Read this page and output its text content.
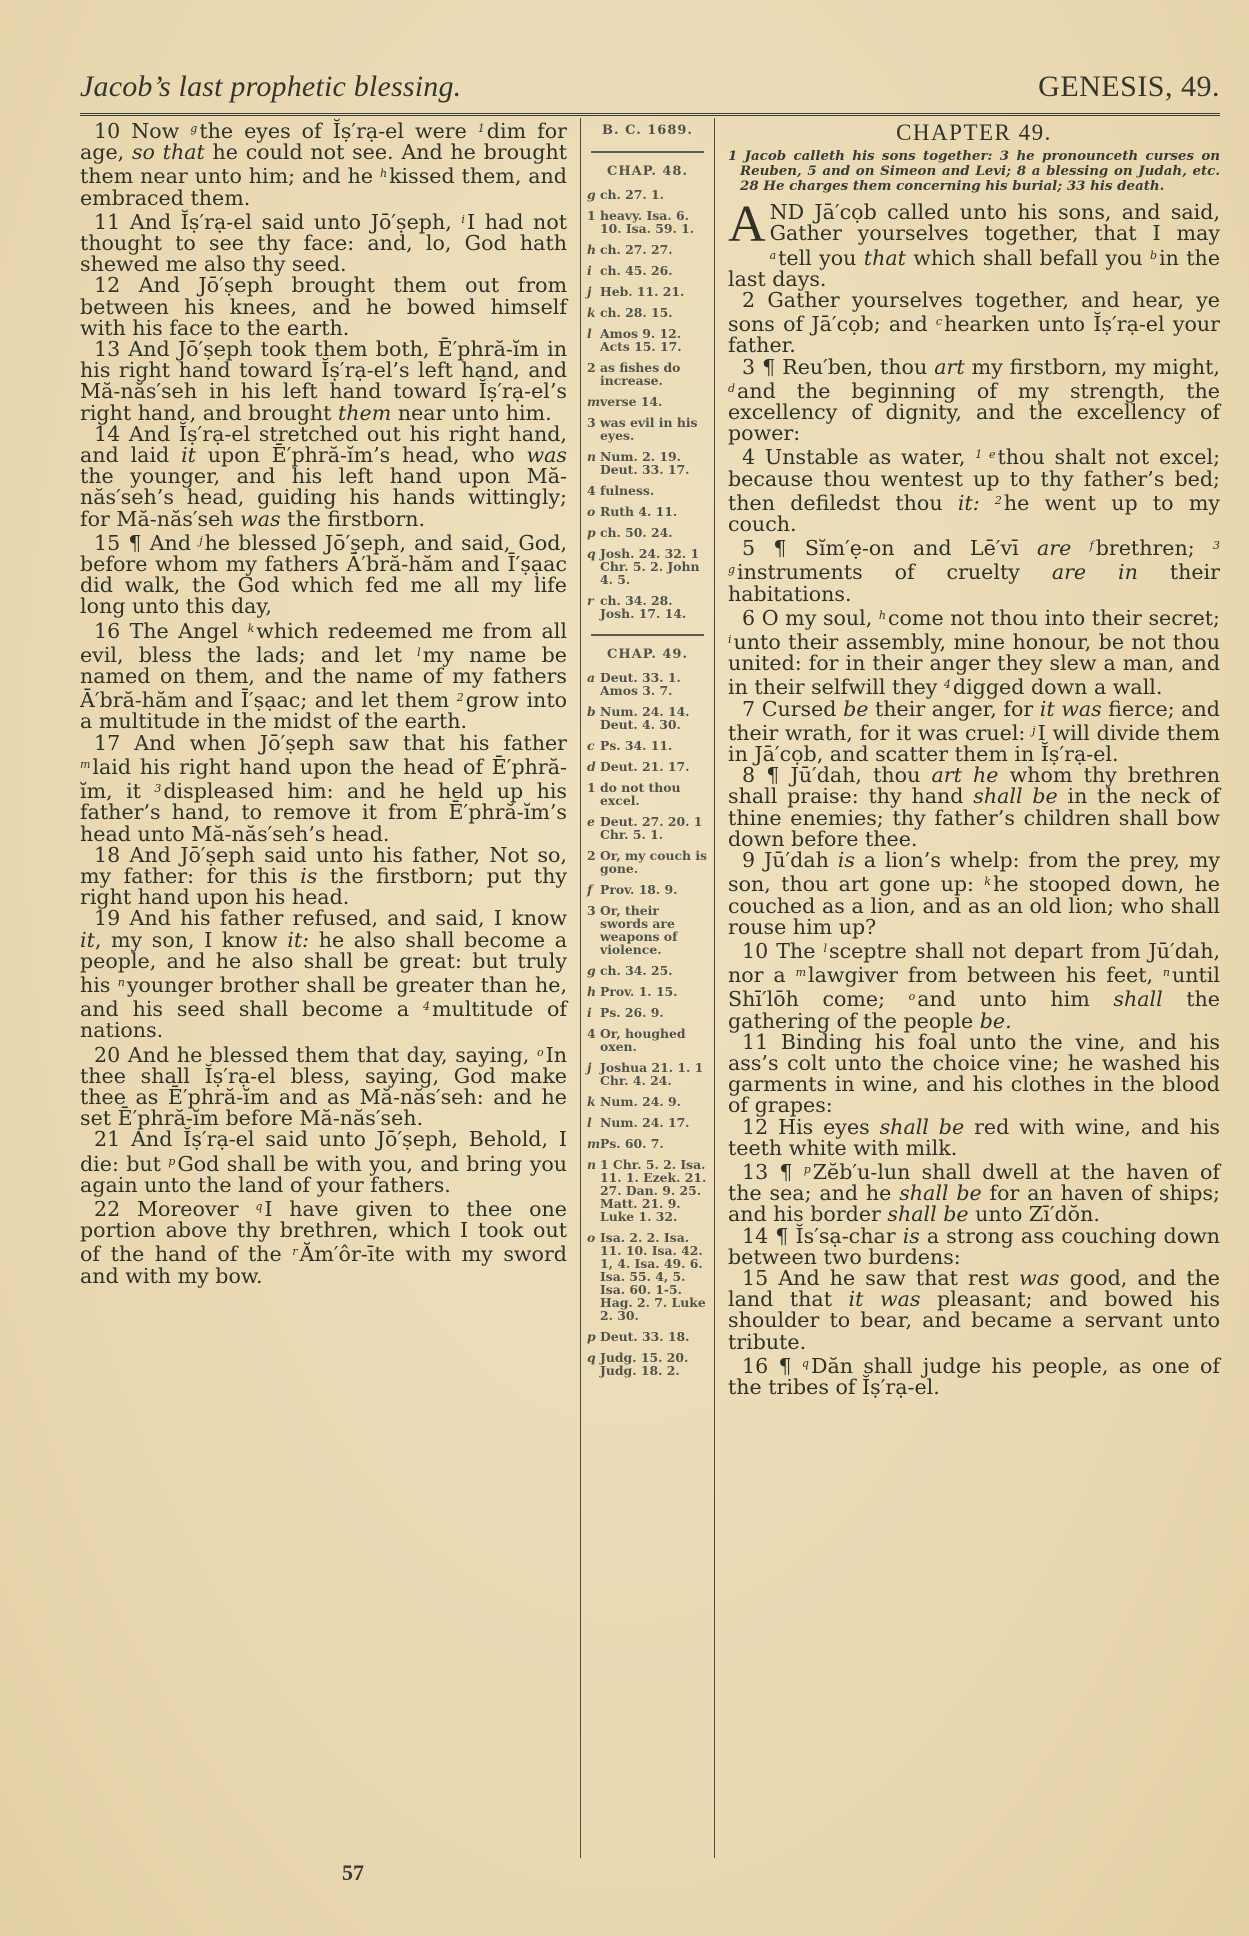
Jacob’s last prophetic blessing.	GENESIS, 49.

10 Now $^g$the eyes of Ĭṣ′rạ-el were $^1$dim for age, so that he could not see. And he brought them near unto him; and he $^h$kissed them, and embraced them.

11 And Ĭṣ′rạ-el said unto Jō′ṣeph, $^i$I had not thought to see thy face: and, lo, God hath shewed me also thy seed.

12 And Jō′ṣeph brought them out from between his knees, and he bowed himself with his face to the earth.

13 And Jō′ṣeph took them both, Ē′phră-ĭm in his right hand toward Ĭṣ′rạ-el’s left hand, and Mă-năs′seh in his left hand toward Ĭṣ′rạ-el’s right hand, and brought them near unto him.

14 And Ĭṣ′rạ-el stretched out his right hand, and laid it upon Ē′phră-ĭm’s head, who was the younger, and his left hand upon Mă-năs′seh’s head, guiding his hands wittingly; for Mă-năs′seh was the firstborn.

15 ¶ And $^j$he blessed Jō′ṣeph, and said, God, before whom my fathers Ā′bră-hăm and Ī′ṣạac did walk, the God which fed me all my life long unto this day,

16 The Angel $^k$which redeemed me from all evil, bless the lads; and let $^l$my name be named on them, and the name of my fathers Ā′bră-hăm and Ī′ṣạac; and let them $^2$grow into a multitude in the midst of the earth.

17 And when Jō′ṣeph saw that his father $^m$laid his right hand upon the head of Ē′phră-ĭm, it $^3$displeased him: and he held up his father’s hand, to remove it from Ē′phră-ĭm’s head unto Mă-năs′seh’s head.

18 And Jō′ṣeph said unto his father, Not so, my father: for this is the firstborn; put thy right hand upon his head.

19 And his father refused, and said, I know it, my son, I know it: he also shall become a people, and he also shall be great: but truly his $^n$younger brother shall be greater than he, and his seed shall become a $^4$multitude of nations.

20 And he blessed them that day, saying, $^o$In thee shall Ĭṣ′rạ-el bless, saying, God make thee as Ē′phră-ĭm and as Mă-năs′seh: and he set Ē′phră-ĭm before Mă-năs′seh.

21 And Ĭṣ′rạ-el said unto Jō′ṣeph, Behold, I die: but $^p$God shall be with you, and bring you again unto the land of your fathers.

22 Moreover $^q$I have given to thee one portion above thy brethren, which I took out of the hand of the $^r$Ăm′ôr-īte with my sword and with my bow.

B. C. 1689.
CHAP. 48.
g ch. 27. 1.
1 heavy. Isa. 6. 10. Isa. 59. 1.
h ch. 27. 27.
i ch. 45. 26.
j Heb. 11. 21.
k ch. 28. 15.
l Amos 9. 12. Acts 15. 17.
2 as fishes do increase.
mverse 14.
3 was evil in his eyes.
n Num. 2. 19. Deut. 33. 17.
4 fulness.
o Ruth 4. 11.
p ch. 50. 24.
q Josh. 24. 32. 1 Chr. 5. 2. John 4. 5.
r ch. 34. 28. Josh. 17. 14.
CHAP. 49.
a Deut. 33. 1. Amos 3. 7.
b Num. 24. 14. Deut. 4. 30.
c Ps. 34. 11.
d Deut. 21. 17.
1 do not thou excel.
e Deut. 27. 20. 1 Chr. 5. 1.
2 Or, my couch is gone.
f Prov. 18. 9.
3 Or, their swords are weapons of violence.
g ch. 34. 25.
h Prov. 1. 15.
i Ps. 26. 9.
4 Or, houghed oxen.
j Joshua 21. 1. 1 Chr. 4. 24.
k Num. 24. 9.
l Num. 24. 17.
mPs. 60. 7.
n 1 Chr. 5. 2. Isa. 11. 1. Ezek. 21. 27. Dan. 9. 25. Matt. 21. 9. Luke 1. 32.
o Isa. 2. 2. Isa. 11. 10. Isa. 42. 1, 4. Isa. 49. 6. Isa. 55. 4, 5. Isa. 60. 1-5. Hag. 2. 7. Luke 2. 30.
p Deut. 33. 18.
q Judg. 15. 20. Judg. 18. 2.
CHAPTER 49.
1 Jacob calleth his sons together: 3 he pronounceth curses on Reuben, 5 and on Simeon and Levi; 8 a blessing on Judah, etc. 28 He charges them concerning his burial; 33 his death.

AND Jā′cọb called unto his sons, and said, Gather yourselves together, that I may $^a$tell you that which shall befall you $^b$in the last days.

2 Gather yourselves together, and hear, ye sons of Jā′cọb; and $^c$hearken unto Ĭṣ′rạ-el your father.

3 ¶ Reu′ben, thou art my firstborn, my might, $^d$and the beginning of my strength, the excellency of dignity, and the excellency of power:

4 Unstable as water, $^{1 e}$thou shalt not excel; because thou wentest up to thy father’s bed; then defiledst thou it: $^2$he went up to my couch.

5 ¶ Sĭm′ẹ-on and Lē′vī are $^f$brethren; $^{3 g}$instruments of cruelty are in their habitations.

6 O my soul, $^h$come not thou into their secret; $^i$unto their assembly, mine honour, be not thou united: for in their anger they slew a man, and in their selfwill they $^4$digged down a wall.

7 Cursed be their anger, for it was fierce; and their wrath, for it was cruel: $^j$I will divide them in Jā′cọb, and scatter them in Ĭṣ′rạ-el.

8 ¶ Jū′dah, thou art he whom thy brethren shall praise: thy hand shall be in the neck of thine enemies; thy father’s children shall bow down before thee.

9 Jū′dah is a lion’s whelp: from the prey, my son, thou art gone up: $^k$he stooped down, he couched as a lion, and as an old lion; who shall rouse him up?

10 The $^l$sceptre shall not depart from Jū′dah, nor a $^m$lawgiver from between his feet, $^n$until Shī′lōh come; $^o$and unto him shall the gathering of the people be.

11 Binding his foal unto the vine, and his ass’s colt unto the choice vine; he washed his garments in wine, and his clothes in the blood of grapes:

12 His eyes shall be red with wine, and his teeth white with milk.

13 ¶ $^p$Zĕb′u-lun shall dwell at the haven of the sea; and he shall be for an haven of ships; and his border shall be unto Zī′dŏn.

14 ¶ Ĭs′sạ-char is a strong ass couching down between two burdens:

15 And he saw that rest was good, and the land that it was pleasant; and bowed his shoulder to bear, and became a servant unto tribute.

16 ¶ $^q$Dăn shall judge his people, as one of the tribes of Ĭṣ′rạ-el.

57
